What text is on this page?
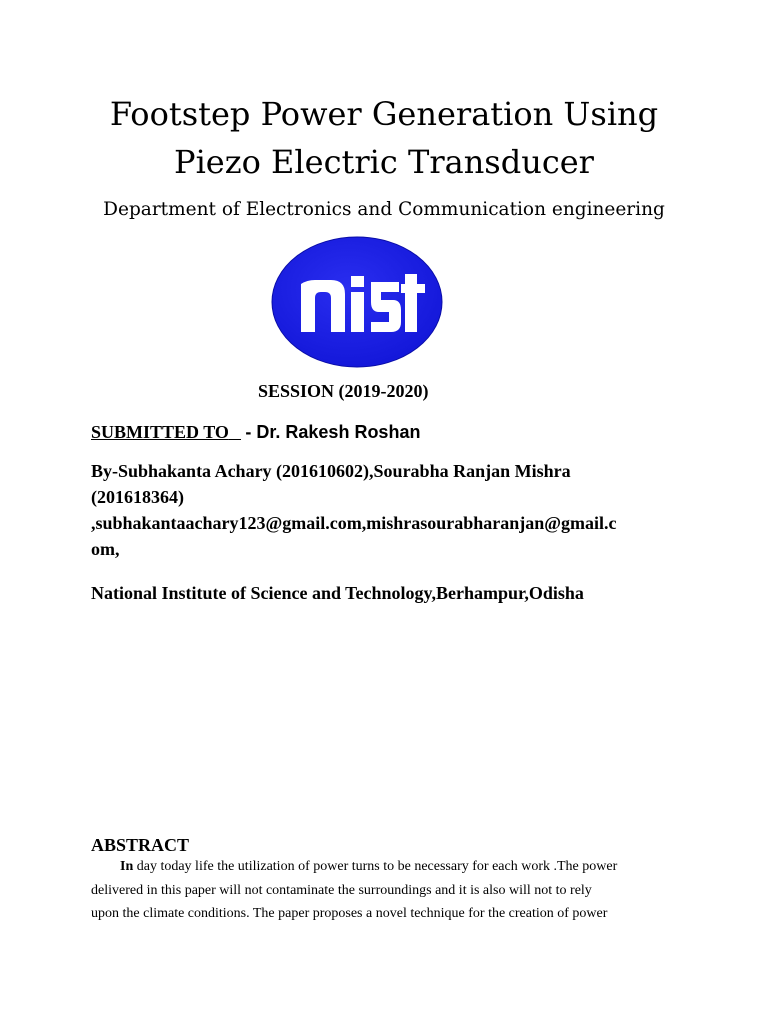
Footstep Power Generation Using
Piezo Electric Transducer
Department of Electronics and Communication engineering
SESSION (2019-2020)
SUBMITTED TO - Dr. Rakesh Roshan
By-Subhakanta Achary (201610602),Sourabha Ranjan Mishra
(201618364)
,subhakantaachary123@gmail.com,mishrasourabharanjan@gmail.c
om,
National Institute of Science and Technology,Berhampur,Odisha
ABSTRACT
In day today life the utilization of power turns to be necessary for each work .The power
delivered in this paper will not contaminate the surroundings and it is also will not to rely
upon the climate conditions. The paper proposes a novel technique for the creation of power
